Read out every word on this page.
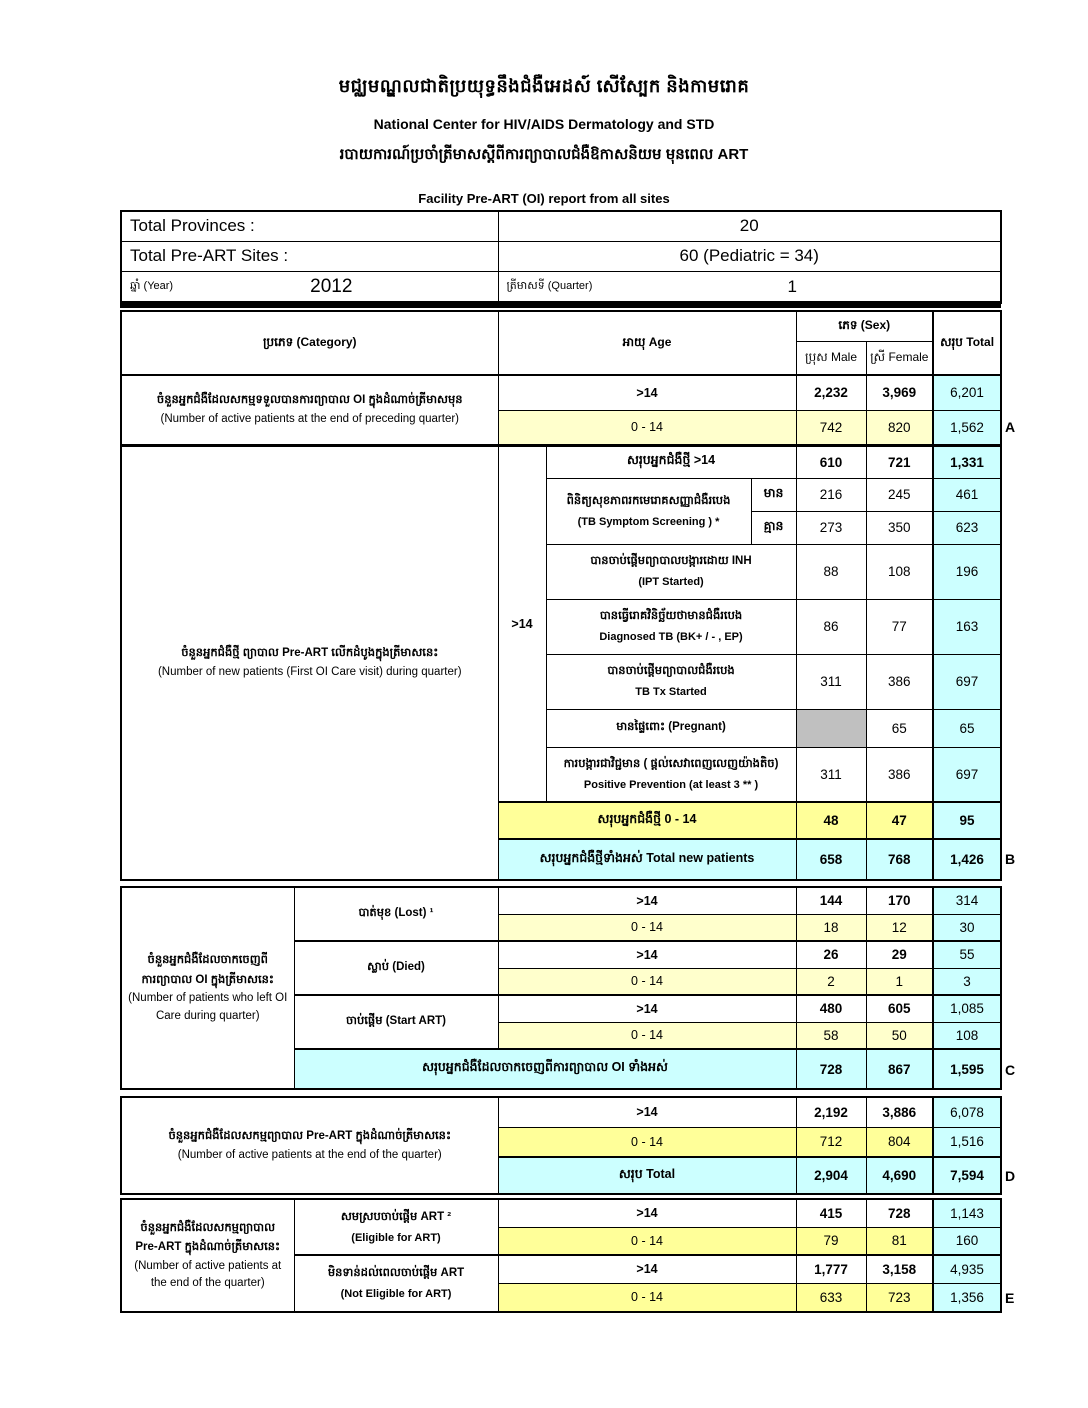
មជ្ឈមណ្ឌលជាតិប្រយុទ្ធនឹងជំងឺអេដស៍ សើស្បែក និងកាមរោគ
National Center for HIV/AIDS Dermatology and STD
របាយការណ៍ប្រចាំត្រីមាសស្តីពីការព្យាបាលជំងឺឱកាសនិយម មុនពេល ART
Facility Pre-ART (OI) report from all sites
Total Provinces :	20
Total Pre-ART Sites :	60 (Pediatric = 34)

ឆ្នាំ (Year) 2012	ត្រីមាសទី (Quarter) 1
ប្រភេទ (Category)	អាយុ Age			ភេទ (Sex)		សរុប Total
				ប្រុស Male	ស្រី Female	

ចំនួនអ្នកជំងឺដែលសកម្មទទួលបានការព្យាបាល OI ក្នុងដំណាច់ត្រីមាសមុន
(Number of active patients at the end of preceding quarter)	>14			2,232	3,969	6,201
	0 - 14			742	820	1,562

ចំនួនអ្នកជំងឺថ្មី ព្យាបាល Pre-ART លើកដំបូងក្នុងត្រីមាសនេះ
(Number of new patients (First OI Care visit) during quarter)	>14	សរុបអ្នកជំងឺថ្មី >14		610	721	1,331

		ពិនិត្យសុខភាពរកមេរោគសញ្ញាជំងឺរបេង
(TB Symptom Screening ) *	មាន	216	245	461
			គ្មាន	273	350	623

		បានចាប់ផ្តើមព្យាបាលបង្ការដោយ INH
(IPT Started)		88	108	196

		បានធ្វើរោគវិនិច្ឆ័យថាមានជំងឺរបេង
Diagnosed TB (BK+ / - , EP)		86	77	163

		បានចាប់ផ្តើមព្យាបាលជំងឺរបេង
TB Tx Started		311	386	697

		មានផ្ទៃពោះ (Pregnant)			65	65

		ការបង្ការជាវិជ្ជមាន ( ផ្តល់សេវាពេញលេញយ៉ាងតិច)
Positive Prevention (at least 3 ** )		311	386	697
	សរុបអ្នកជំងឺថ្មី 0 - 14			48	47	95
	សរុបអ្នកជំងឺថ្មីទាំងអស់ Total new patients			658	768	1,426
ចំនួនអ្នកជំងឺដែលចាកចេញពី
ការព្យាបាល OI ក្នុងត្រីមាសនេះ
(Number of patients who left OI Care during quarter)	បាត់មុខ (Lost) ¹	>14	144	170	314
		0 - 14	18	12	30

	ស្លាប់ (Died)	>14	26	29	55
		0 - 14	2	1	3

	ចាប់ផ្តើម (Start ART)	>14	480	605	1,085
		0 - 14	58	50	108
	សរុបអ្នកជំងឺដែលចាកចេញពីការព្យាបាល OI ទាំងអស់		728	867	1,595
ចំនួនអ្នកជំងឺដែលសកម្មព្យាបាល Pre-ART ក្នុងដំណាច់ត្រីមាសនេះ
(Number of active patients at the end of the quarter)	>14	2,192	3,886	6,078
	0 - 14	712	804	1,516
	សរុប Total	2,904	4,690	7,594
ចំនួនអ្នកជំងឺដែលសកម្មព្យាបាល
Pre-ART ក្នុងដំណាច់ត្រីមាសនេះ
(Number of active patients at
the end of the quarter)	សមស្របចាប់ផ្តើម ART ²
(Eligible for ART)	>14	415	728	1,143
		0 - 14	79	81	160

	មិនទាន់ដល់ពេលចាប់ផ្តើម ART
(Not Eligible for ART)	>14	1,777	3,158	4,935
		0 - 14	633	723	1,356
A
B
C
D
E
